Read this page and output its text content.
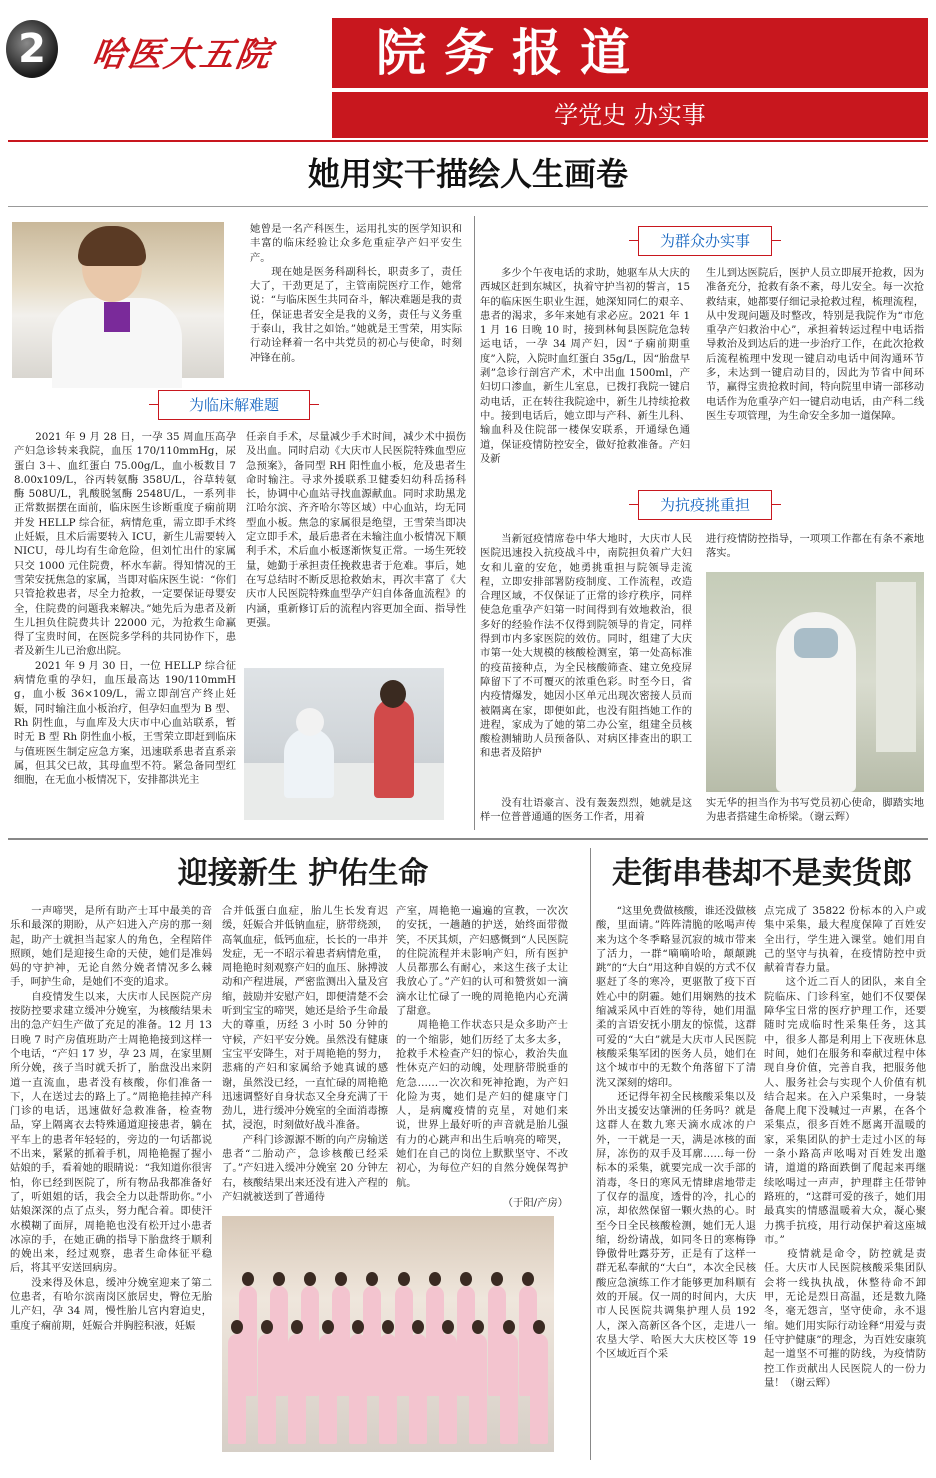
2	哈医大五院	院务报道
学党史 办实事
她用实干描绘人生画卷
她曾是一名产科医生，运用扎实的医学知识和丰富的临床经验让众多危重症孕产妇平安生产。
　　现在她是医务科副科长，职责多了，责任大了，干劲更足了，主管南院医疗工作，她常说：“与临床医生共同奋斗，解决难题是我的责任，保证患者安全是我的义务，责任与义务重于泰山，我甘之如饴。”她就是王雪荣，用实际行动诠释着一名中共党员的初心与使命，时刻冲锋在前。
为临床解难题
为群众办实事
为抗疫挑重担
　　2021 年 9 月 28 日，一孕 35 周血压高孕产妇急诊转来我院，血压 170/110mmHg，尿蛋白 3＋、血红蛋白 75.00g/L，血小板数目 78.00x109/L，谷丙转氨酶 358U/L，谷草转氨酶 508U/L，乳酸脱氢酶 2548U/L，一系列非正常数据摆在面前，临床医生诊断重度子痫前期并发 HELLP 综合征，病情危重，需立即手术终止妊娠，且术后需要转入 ICU，新生儿需要转入 NICU，母儿均有生命危险，但刘忙出什的家属只交 1000 元住院费，杯水车薪。得知情况的王雪荣安抚焦急的家属，当即对临床医生说：“你们只管抢救患者，尽全力抢救，一定要保证母婴安全，住院费的问题我来解决。”她先后为患者及新生儿担负住院费共计 22000 元，为抢救生命赢得了宝贵时间，在医院多学科的共同协作下，患者及新生儿已治愈出院。
　　2021 年 9 月 30 日，一位 HELLP 综合征病情危重的孕妇，血压最高达 190/110mmHg，血小板 36×109/L，需立即剖宫产终止妊娠，同时输注血小板治疗，但孕妇血型为 B 型、Rh 阴性血，与血库及大庆市中心血站联系，暂时无 B 型 Rh 阴性血小板，王雪荣立即赶到临床与值班医生制定应急方案，迅速联系患者直系亲属，但其父已故，其母血型不符。紧急备同型红细胞，在无血小板情况下，安排都洪光主
任亲自手术，尽量减少手术时间，减少术中损伤及出血。同时启动《大庆市人民医院特殊血型应急预案》，备同型 RH 阳性血小板，危及患者生命时输注。寻求外援联系卫健委妇幼科岳扬科长，协调中心血站寻找血源献血。同时求助黑龙江哈尔滨、齐齐哈尔等区域）中心血站，均无同型血小板。焦急的家属很是绝望，王雪荣当即决定立即手术，最后患者在未输注血小板情况下顺利手术，术后血小板逐渐恢复正常。一场生死较量，她勤于承担责任挽救患者于危难。事后，她在写总结时不断反思抢救始末，再次丰富了《大庆市人民医院特殊血型孕产妇自体备血流程》的内涵，重新修订后的流程内容更加全面、指导性更强。
　　多少个午夜电话的求助，她驱车从大庆的西城区赶到东城区，执着守护当初的誓言，15 年的临床医生职业生涯，她深知同仁的艰辛、患者的渴求，多年来她有求必应。2021 年 11 月 16 日晚 10 时，接到林甸县医院危急转运电话，一孕 34 周产妇，因“子痫前期重度”入院，入院时血红蛋白 35g/L，因“胎盘早剥”急诊行剖宫产术，术中出血 1500ml，产妇切口渗血，新生儿室息，已拨打我院一键启动电话，正在转往我院途中，新生儿持续抢救中。接到电话后，她立即与产科、新生儿科、输血科及住院部一楼保安联系，开通绿色通道，保证疫情防控安全，做好抢救准备。产妇及新
生儿到达医院后，医护人员立即展开抢救，因为准备充分，抢救有条不紊，母儿安全。每一次抢救结束，她都要仔细记录抢救过程，梳理流程，从中发现问题及时整改，特别是我院作为“市危重孕产妇救治中心”，承担着转运过程中电话指导救治及到达后的进一步治疗工作，在此次抢救后流程梳理中发现一键启动电话中间沟通环节多，未达到一键启动目的，因此为节省中间环节，赢得宝贵抢救时间，特向院里申请一部移动电话作为危重孕产妇一键启动电话，由产科二线医生专项管理，为生命安全多加一道保障。
　　当新冠疫情席卷中华大地时，大庆市人民医院迅速投入抗疫战斗中，南院担负着广大妇女和儿童的安危，她勇挑重担与院领导走流程，立即安排部署防疫制度、工作流程，改造合理区域，不仅保证了正常的诊疗秩序，同样使急危重孕产妇第一时间得到有效地救治，很多好的经验作法不仅得到院领导的肯定，同样得到市内多家医院的效仿。同时，组建了大庆市第一处大规模的核酸检测室，第一处高标准的疫苗接种点，为全民核酸筛查、建立免疫屏障留下了不可覆灭的浓重色彩。时至今日，省内疫情爆发，她因小区单元出现次密接人员而被隔离在家，即便如此，也没有阻挡她工作的进程，家成为了她的第二办公室，组建全员核酸检测辅助人员预备队、对病区排查出的职工和患者及陪护
进行疫情防控指导，一项项工作都在有条不紊地落实。
　　没有壮语豪言、没有轰轰烈烈，她就是这样一位普普通通的医务工作者，用着
实无华的担当作为书写党员初心使命，脚踏实地为患者搭建生命桥梁。（谢云辉）
迎接新生 护佑生命
　　一声啼哭，是所有助产士耳中最美的音乐和最深的期盼，从产妇进入产房的那一刻起，助产士就担当起家人的角色，全程陪伴照顾，她们是迎接生命的天使，她们是准妈妈的守护神，无论自然分娩者情况多么棘手，呵护生命，是她们不变的追求。
　　自疫情发生以来，大庆市人民医院产房按防控要求建立缓冲分娩室，为核酸结果未出的急产妇生产做了充足的准备。12 月 13 日晚 7 时产房值班助产士周艳艳接到这样一个电话，“产妇 17 岁，孕 23 周，在家里厕所分娩，孩子当时就夭折了，胎盘没出来阴道一直流血，患者没有核酸，你们准备一下，人在送过去的路上了。”周艳艳挂掉产科门诊的电话，迅速做好急救准备，检查物品，穿上隔离衣去特殊通道迎接患者，躺在平车上的患者年轻轻的，旁边的一句话都说不出来，紧紧的抓着手机，周艳艳握了握小姑娘的手，看着她的眼睛说：“我知道你很害怕，你已经到医院了，所有物品我都准备好了，听姐姐的话，我会全力以赴帮助你。”小姑娘深深的点了点头，努力配合着。即使汗水模糊了面屏，周艳艳也没有松开过小患者冰凉的手，在她正确的指导下胎盘终于顺利的娩出来，经过观察，患者生命体征平稳后，将其平安送回病房。
　　没来得及休息，缓冲分娩室迎来了第二位患者，有哈尔滨南岗区旅居史，臀位无胎儿产妇，孕 34 周，慢性胎儿宫内窘迫史，重度子痫前期，妊娠合并胸腔积液，妊娠
合并低蛋白血症，胎儿生长发育迟缓，妊娠合并低钠血症，脐带绕颈，高氧血症，低钙血症，长长的一串并发症，无一不昭示着患者病情危重，周艳艳时刻观察产妇的血压、脉搏波动和产程进展，严密监测出入量及宫缩，鼓励并安慰产妇，即便清楚不会听到宝宝的啼哭，她还是给予生命最大的尊重，历经 3 小时 50 分钟的守候，产妇平安分娩。虽然没有健康宝宝平安降生，对于周艳艳的努力，悲痛的产妇和家属给予她真诚的感谢，虽然没已经，一直忙碌的周艳艳迅速调整好自身状态又全身充满了干劲儿，进行缓冲分娩室的全面消毒擦拭，浸泡，时刻做好战斗准备。
　　产科门诊源源不断的向产房输送患者“二胎动产，急诊核酸已经采了。”产妇进入缓冲分娩室 20 分钟左右，核酸结果出来还没有进入产程的产妇就被送到了普通待
产室，周艳艳一遍遍的宣教，一次次的安抚，一趟趟的护送，始终面带微笑，不厌其烦，产妇感慨到“人民医院的住院流程并未影响产妇，所有医护人员都那么有耐心，来这生孩子太让我放心了。”产妇的认可和赞赏如一滴滴水让忙碌了一晚的周艳艳内心充满了甜意。
　　周艳艳工作状态只是众多助产士的一个缩影，她们历经了太多太多，抢救手术检查产妇的惊心，救治失血性休克产妇的动魄，处理脐带脱垂的危急……一次次和死神抢跑，为产妇化险为夷，她们是产妇的健康守门人，是病魔疫情的克星，对她们来说，世界上最好听的声音就是胎儿强有力的心跳声和出生后响亮的啼哭，她们在自己的岗位上默默坚守、不改初心，为每位产妇的自然分娩保驾护航。
（于阳/产房）
走街串巷却不是卖货郎
　　“这里免费做核酸，谁还没做核酸，里面请。”阵阵清脆的吆喝声传来为这个冬季略显沉寂的城市带来了活力，一群“嘀嘀哈哈，颠颠跳跳”的“大白”用这种自娱的方式不仅驱赶了冬的寒冷，更驱散了疫下百姓心中的阴霾。她们用娴熟的技术缩减采风中百姓的等待，她们用温柔的言语安抚小朋友的惊慌，这群可爱的“大白”就是大庆市人民医院核酸采集军团的医务人员，她们在这个城市中的无数个角落留下了清洗又深刻的熔印。
　　还记得年初全民核酸采集以及外出支援安达肇洲的任务吗？就是这群人在数九寒天滴水成冰的户外，一干就是一天，满是冰核的面屏，冻伤的双手及耳廓……每一份标本的采集，就要完成一次手部的消毒，冬日的寒风无情肆虐地带走了仅存的温度，透骨的冷，扎心的凉，却依然保留一颗火热的心。时至今日全民核酸检测，她们无人退缩，纷纷请战，如同冬日的寒梅铮铮傲骨吐露芬芳，正是有了这样一群无私奉献的“大白”，本次全民核酸应急演练工作才能够更加科顺有效的开展。仅一周的时间内，大庆市人民医院共调集护理人员 192 人，深入高新区各个区，走进八一农垦大学、哈医大大庆校区等 19 个区域近百个采
点完成了 35822 份标本的入户或集中采集，最大程度保障了百姓安全出行，学生进入课堂。她们用自己的坚守与执着，在疫情防控中贡献着青春力量。
　　这个近二百人的团队，来自全院临床、门诊科室，她们不仅要保障华宝日常的医疗护理工作，还要随时完成临时性采集任务，这其中，很多人都是利用上下夜班休息时间，她们在服务和奉献过程中体现自身价值，完善自我，把服务他人、服务社会与实现个人价值有机结合起来。在入户采集时，一身装备爬上爬下没喊过一声累，在各个采集点，很多百姓不愿离开温暖的家，采集团队的护士走过小区的每一条小路高声吆喝对百姓发出邀请，道道的路面跌倒了爬起来再继续吆喝过一声声，护理群主任带钟路班的，“这群可爱的孩子，她们用最真实的情感温暖着大众，凝心聚力携手抗疫，用行动保护着这座城市。”
　　疫情就是命令，防控就是责任。大庆市人民医院核酸采集团队会将一线执执战，休整待命不卸甲，无论是烈日高温，还是数九隆冬，毫无怨言，坚守使命，永不退缩。她们用实际行动诠释“用爱与责任守护健康”的理念，为百姓安康筑起一道坚不可摧的防线，为疫情防控工作贡献出人民医院人的一份力量！（谢云辉）
